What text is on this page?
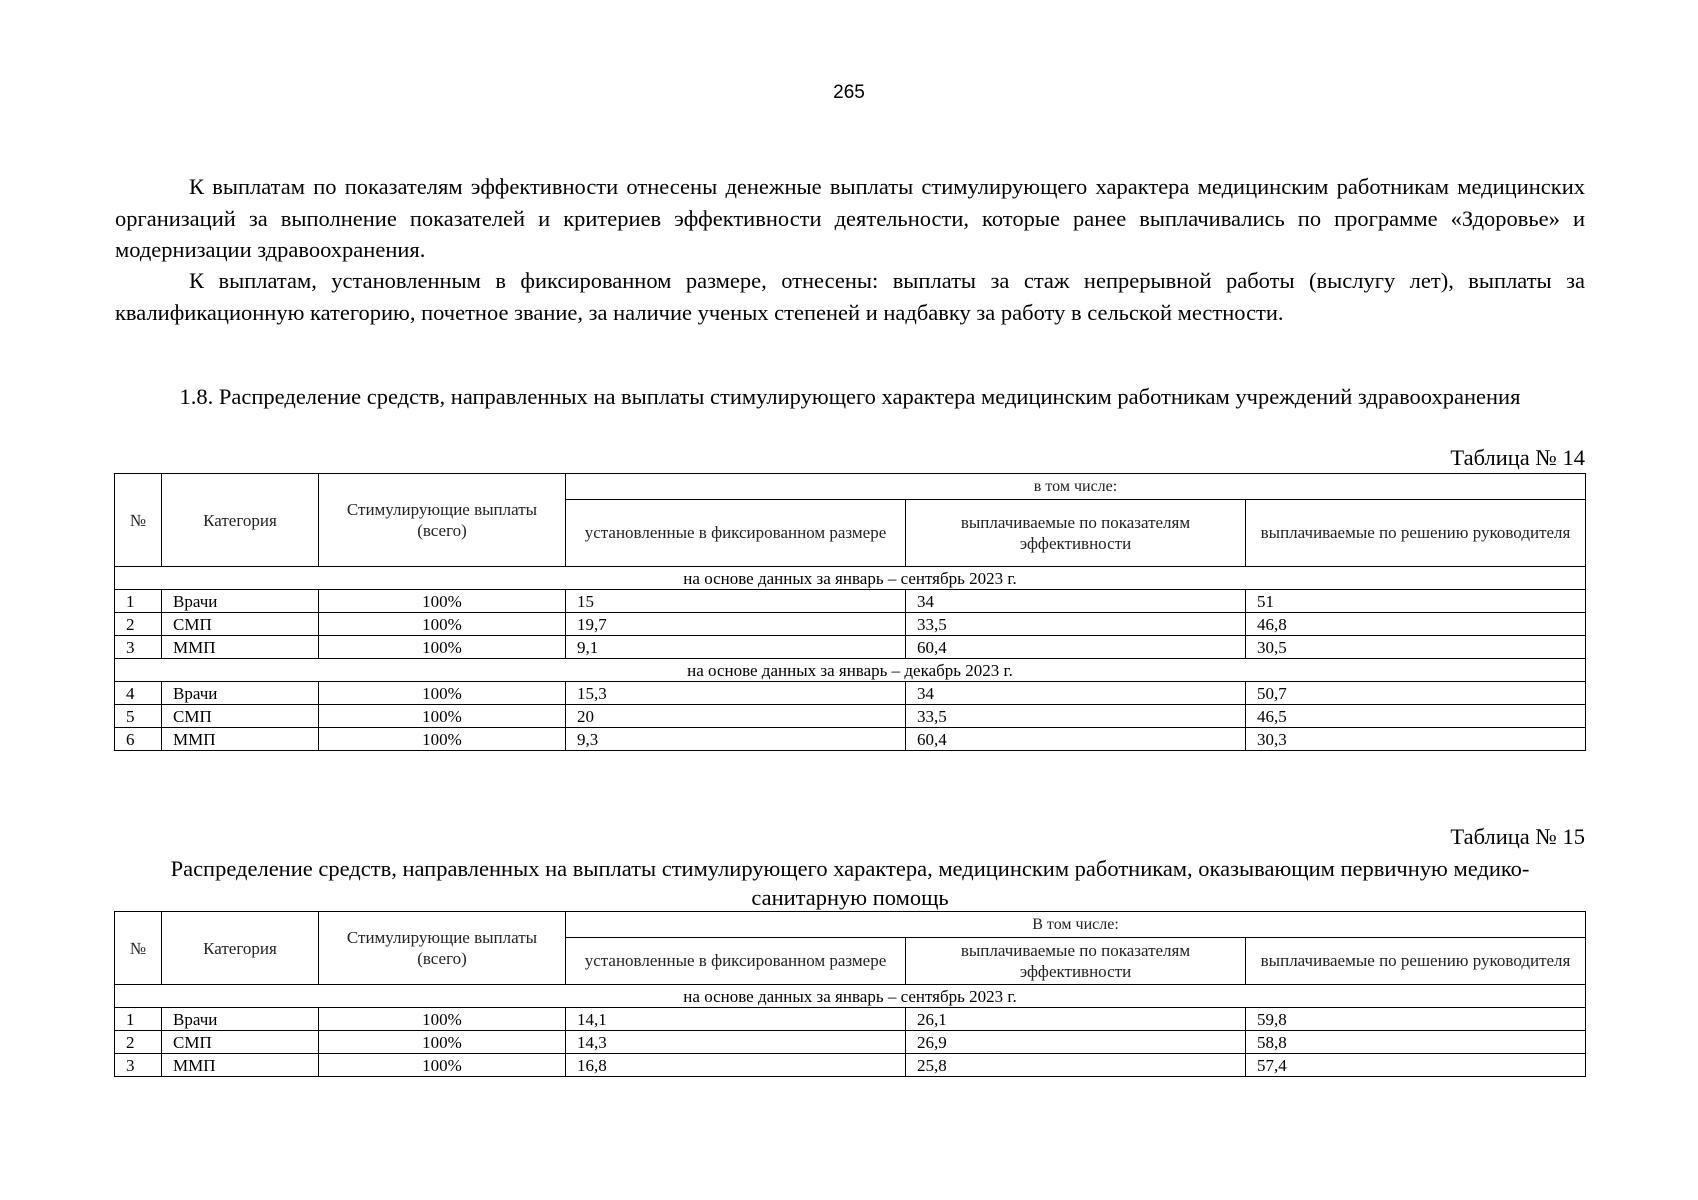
265

К выплатам по показателям эффективности отнесены денежные выплаты стимулирующего характера медицинским работникам медицинских организаций за выполнение показателей и критериев эффективности деятельности, которые ранее выплачивались по программе «Здоровье» и модернизации здравоохранения.

К выплатам, установленным в фиксированном размере, отнесены: выплаты за стаж непрерывной работы (выслугу лет), выплаты за квалификационную категорию, почетное звание, за наличие ученых степеней и надбавку за работу в сельской местности.

1.8. Распределение средств, направленных на выплаты стимулирующего характера медицинским работникам учреждений здравоохранения
Таблица № 14
№	Категория	Стимулирующие выплаты (всего)	в том числе:		
			установленные в фиксированном размере	выплачиваемые по показателям эффективности	выплачиваемые по решению руководителя
на основе данных за январь – сентябрь 2023 г.					
1	Врачи	100%	15	34	51
2	СМП	100%	19,7	33,5	46,8
3	ММП	100%	9,1	60,4	30,5
на основе данных за январь – декабрь 2023 г.					
4	Врачи	100%	15,3	34	50,7
5	СМП	100%	20	33,5	46,5
6	ММП	100%	9,3	60,4	30,3
Таблица № 15

Распределение средств, направленных на выплаты стимулирующего характера, медицинским работникам, оказывающим первичную медико-санитарную помощь

№	Категория	Стимулирующие выплаты (всего)	В том числе:		
			установленные в фиксированном размере	выплачиваемые по показателям эффективности	выплачиваемые по решению руководителя
на основе данных за январь – сентябрь 2023 г.					
1	Врачи	100%	14,1	26,1	59,8
2	СМП	100%	14,3	26,9	58,8
3	ММП	100%	16,8	25,8	57,4
